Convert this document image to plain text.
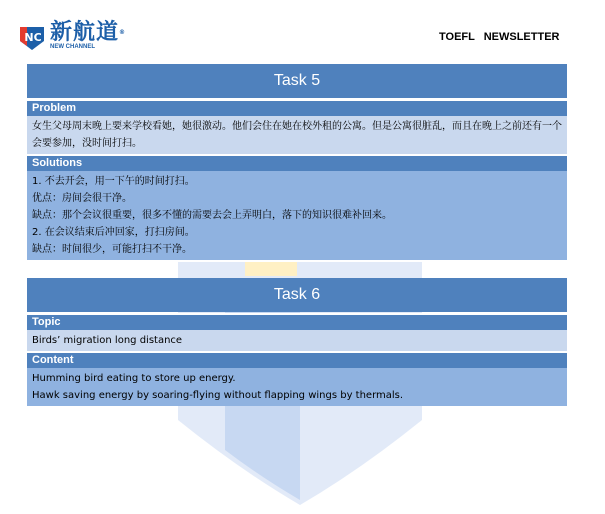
NC 新航道®
NEW CHANNEL
TOEFL NEWSLETTER
Task 5
Problem

女生父母周末晚上要来学校看她，她很激动。他们会住在她在校外租的公寓。但是公寓很脏乱，而且在晚上之前还有一个会要参加，没时间打扫。

Solutions

1. 不去开会，用一下午的时间打扫。

优点：房间会很干净。

缺点：那个会议很重要，很多不懂的需要去会上弄明白，落下的知识很难补回来。

2. 在会议结束后冲回家，打扫房间。

缺点：时间很少，可能打扫不干净。

Task 6
Topic

Birds’ migration long distance

Content

Humming bird eating to store up energy.

Hawk saving energy by soaring-flying without flapping wings by thermals.
